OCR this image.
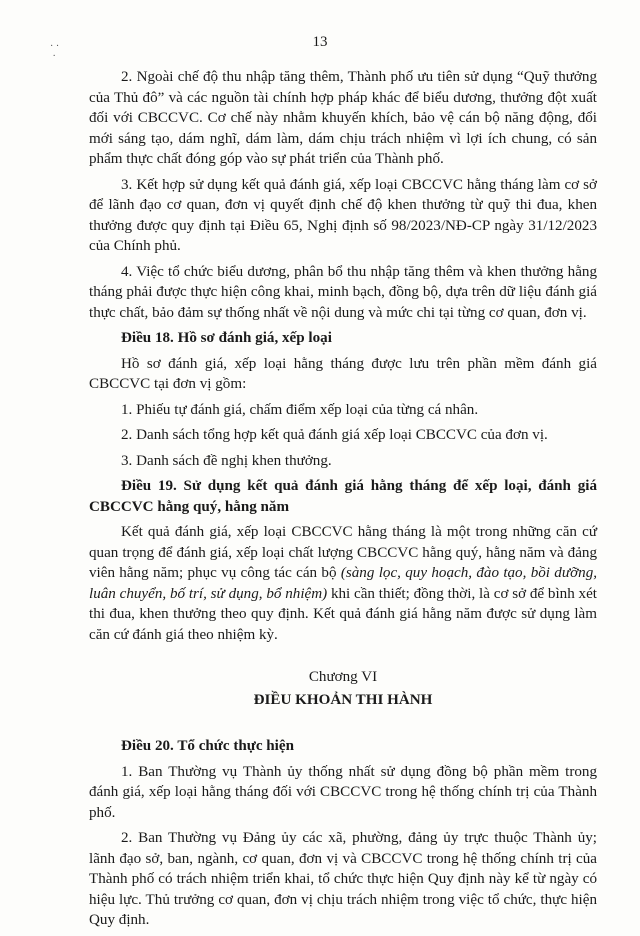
· ·
·
13

2. Ngoài chế độ thu nhập tăng thêm, Thành phố ưu tiên sử dụng “Quỹ thưởng của Thủ đô” và các nguồn tài chính hợp pháp khác để biểu dương, thưởng đột xuất đối với CBCCVC. Cơ chế này nhằm khuyến khích, bảo vệ cán bộ năng động, đổi mới sáng tạo, dám nghĩ, dám làm, dám chịu trách nhiệm vì lợi ích chung, có sản phẩm thực chất đóng góp vào sự phát triển của Thành phố.

3. Kết hợp sử dụng kết quả đánh giá, xếp loại CBCCVC hằng tháng làm cơ sở để lãnh đạo cơ quan, đơn vị quyết định chế độ khen thưởng từ quỹ thi đua, khen thưởng được quy định tại Điều 65, Nghị định số 98/2023/NĐ-CP ngày 31/12/2023 của Chính phủ.

4. Việc tổ chức biểu dương, phân bổ thu nhập tăng thêm và khen thưởng hằng tháng phải được thực hiện công khai, minh bạch, đồng bộ, dựa trên dữ liệu đánh giá thực chất, bảo đảm sự thống nhất về nội dung và mức chi tại từng cơ quan, đơn vị.

Điều 18. Hồ sơ đánh giá, xếp loại

Hồ sơ đánh giá, xếp loại hằng tháng được lưu trên phần mềm đánh giá CBCCVC tại đơn vị gồm:

1. Phiếu tự đánh giá, chấm điểm xếp loại của từng cá nhân.

2. Danh sách tổng hợp kết quả đánh giá xếp loại CBCCVC của đơn vị.

3. Danh sách đề nghị khen thưởng.

Điều 19. Sử dụng kết quả đánh giá hằng tháng để xếp loại, đánh giá CBCCVC hằng quý, hằng năm

Kết quả đánh giá, xếp loại CBCCVC hằng tháng là một trong những căn cứ quan trọng để đánh giá, xếp loại chất lượng CBCCVC hằng quý, hằng năm và đảng viên hằng năm; phục vụ công tác cán bộ (sàng lọc, quy hoạch, đào tạo, bồi dưỡng, luân chuyển, bố trí, sử dụng, bổ nhiệm) khi cần thiết; đồng thời, là cơ sở để bình xét thi đua, khen thưởng theo quy định. Kết quả đánh giá hằng năm được sử dụng làm căn cứ đánh giá theo nhiệm kỳ.

Chương VI

ĐIỀU KHOẢN THI HÀNH

Điều 20. Tổ chức thực hiện

1. Ban Thường vụ Thành ủy thống nhất sử dụng đồng bộ phần mềm trong đánh giá, xếp loại hằng tháng đối với CBCCVC trong hệ thống chính trị của Thành phố.

2. Ban Thường vụ Đảng ủy các xã, phường, đảng ủy trực thuộc Thành ủy; lãnh đạo sở, ban, ngành, cơ quan, đơn vị và CBCCVC trong hệ thống chính trị của Thành phố có trách nhiệm triển khai, tổ chức thực hiện Quy định này kể từ ngày có hiệu lực. Thủ trưởng cơ quan, đơn vị chịu trách nhiệm trong việc tổ chức, thực hiện Quy định.
